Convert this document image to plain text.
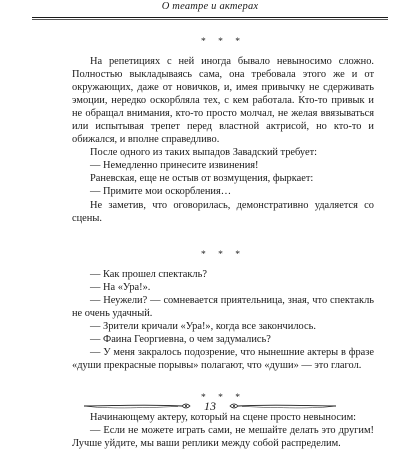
О театре и актерах
* * *

На репетициях с ней иногда бывало невыносимо сложно. Полностью выкладываясь сама, она требовала этого же и от окружающих, даже от новичков, и, имея привычку не сдерживать эмоции, нередко оскорбляла тех, с кем работала. Кто-то привык и не обращал внимания, кто-то просто молчал, не желая ввязываться или испытывая трепет перед властной актрисой, но кто-то и обижался, и вполне справедливо.

После одного из таких выпадов Завадский требует:

— Немедленно принесите извинения!

Раневская, еще не остыв от возмущения, фыркает:

— Примите мои оскорбления…

Не заметив, что оговорилась, демонстративно удаляется со сцены.

* * *

— Как прошел спектакль?

— На «Ура!».

— Неужели? — сомневается приятельница, зная, что спектакль не очень удачный.

— Зрители кричали «Ура!», когда все закончилось.

— Фаина Георгиевна, о чем задумались?

— У меня закралось подозрение, что нынешние актеры в фразе «души прекрасные порывы» полагают, что «души» — это глагол.

* * *

Начинающему актеру, который на сцене просто невыносим:

— Если не можете играть сами, не мешайте делать это другим! Лучше уйдите, мы ваши реплики между собой распределим.

13
